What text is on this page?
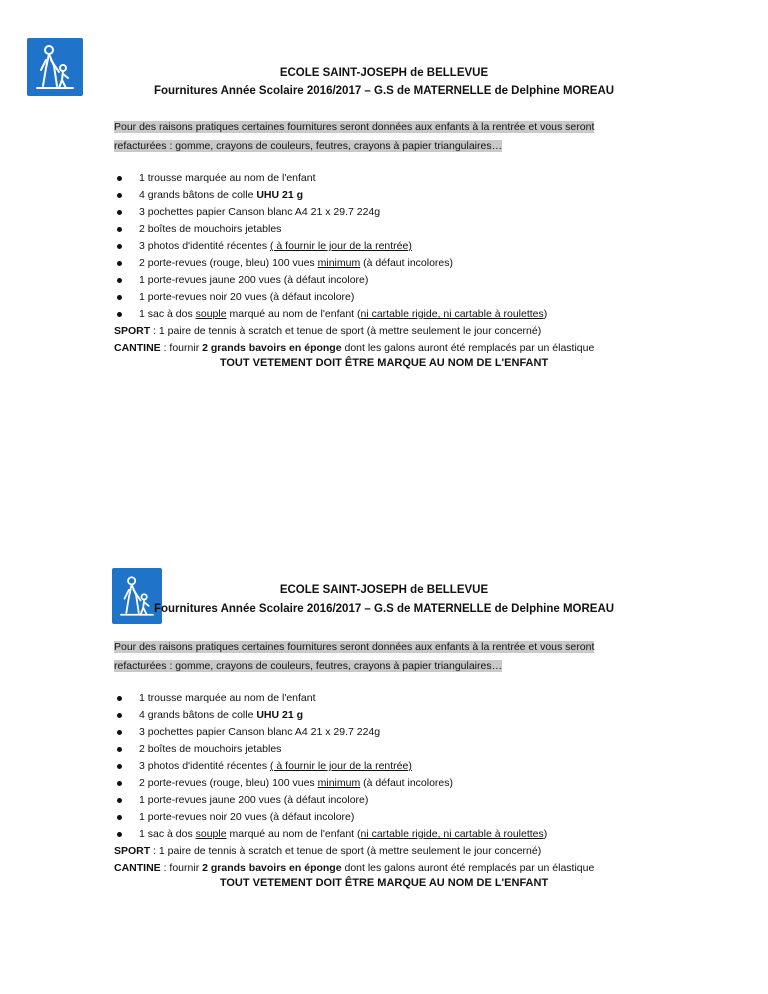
ECOLE SAINT-JOSEPH de BELLEVUE
Fournitures Année Scolaire 2016/2017 – G.S de MATERNELLE de Delphine MOREAU
Pour des raisons pratiques certaines fournitures seront données aux enfants à la rentrée et vous seront refacturées : gomme, crayons de couleurs, feutres, crayons à papier triangulaires…
1 trousse marquée au nom de l'enfant
4 grands bâtons de colle UHU 21 g
3 pochettes papier Canson blanc A4 21 x 29.7 224g
2 boîtes de mouchoirs jetables
3 photos d'identité récentes ( à fournir le jour de la rentrée)
2 porte-revues (rouge, bleu) 100 vues minimum (à défaut incolores)
1 porte-revues jaune 200 vues (à défaut incolore)
1 porte-revues noir 20 vues (à défaut incolore)
1 sac à dos souple marqué au nom de l'enfant (ni cartable rigide, ni cartable à roulettes)
SPORT : 1 paire de tennis à scratch et tenue de sport (à mettre seulement le jour concerné)
CANTINE : fournir 2 grands bavoirs en éponge dont les galons auront été remplacés par un élastique
TOUT VETEMENT DOIT ÊTRE MARQUE AU NOM DE L'ENFANT
ECOLE SAINT-JOSEPH de BELLEVUE
Fournitures Année Scolaire 2016/2017 – G.S de MATERNELLE de Delphine MOREAU
Pour des raisons pratiques certaines fournitures seront données aux enfants à la rentrée et vous seront refacturées : gomme, crayons de couleurs, feutres, crayons à papier triangulaires…
1 trousse marquée au nom de l'enfant
4 grands bâtons de colle UHU 21 g
3 pochettes papier Canson blanc A4 21 x 29.7 224g
2 boîtes de mouchoirs jetables
3 photos d'identité récentes ( à fournir le jour de la rentrée)
2 porte-revues (rouge, bleu) 100 vues minimum (à défaut incolores)
1 porte-revues jaune 200 vues (à défaut incolore)
1 porte-revues noir 20 vues (à défaut incolore)
1 sac à dos souple marqué au nom de l'enfant (ni cartable rigide, ni cartable à roulettes)
SPORT : 1 paire de tennis à scratch et tenue de sport (à mettre seulement le jour concerné)
CANTINE : fournir 2 grands bavoirs en éponge dont les galons auront été remplacés par un élastique
TOUT VETEMENT DOIT ÊTRE MARQUE AU NOM DE L'ENFANT
